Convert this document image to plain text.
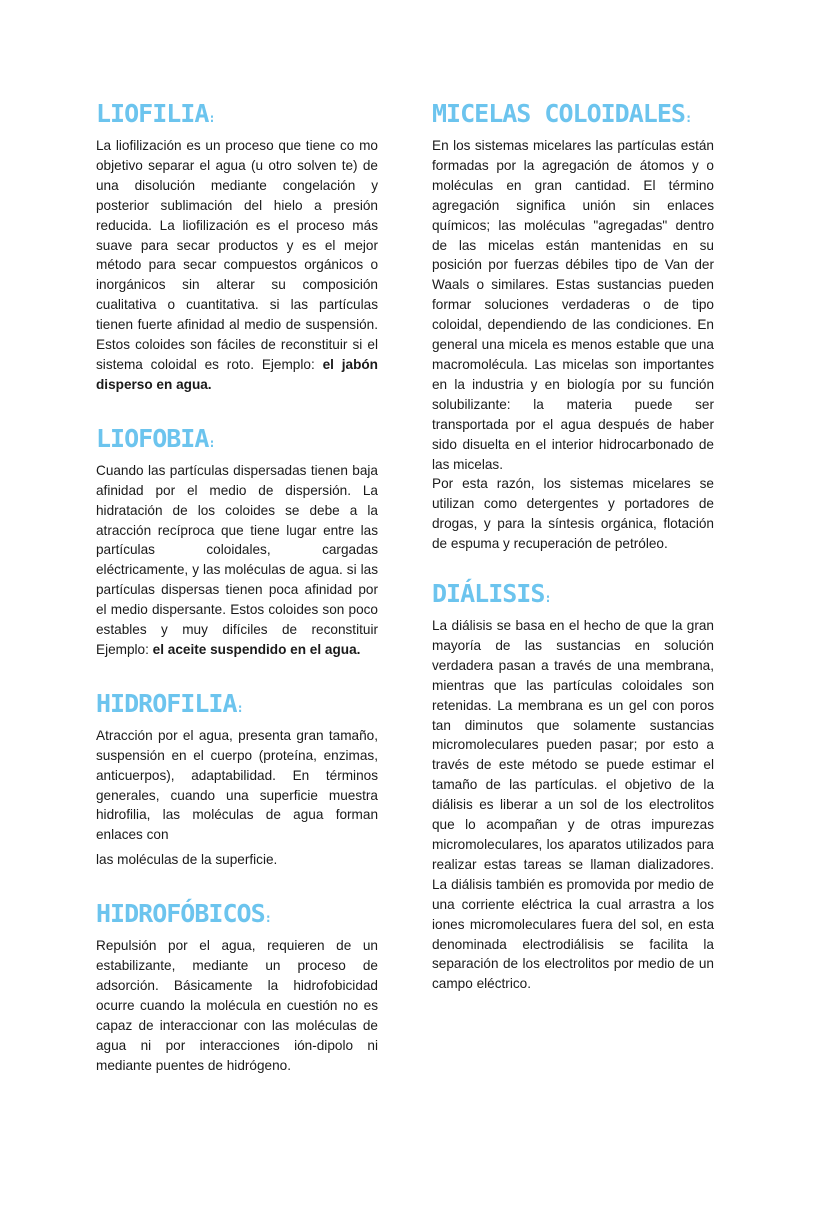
LIOFILIA:

La liofilización es un proceso que tiene co mo objetivo separar el agua (u otro solven te) de una disolución mediante congelación y posterior sublimación del hielo a presión reducida. La liofilización es el proceso más suave para secar productos y es el mejor método para secar compuestos orgánicos o inorgánicos sin alterar su composición cualitativa o cuantitativa. si las partículas tienen fuerte afinidad al medio de suspensión. Estos coloides son fáciles de reconstituir si el sistema coloidal es roto. Ejemplo: el jabón disperso en agua.

LIOFOBIA:

Cuando las partículas dispersadas tienen baja afinidad por el medio de dispersión. La hidratación de los coloides se debe a la atracción recíproca que tiene lugar entre las partículas coloidales, cargadas eléctricamente, y las moléculas de agua. si las partículas dispersas tienen poca afinidad por el medio dispersante. Estos coloides son poco estables y muy difíciles de reconstituir Ejemplo: el aceite suspendido en el agua.

HIDROFILIA:

Atracción por el agua, presenta gran tamaño, suspensión en el cuerpo (proteína, enzimas, anticuerpos), adaptabilidad. En términos generales, cuando una superficie muestra hidrofilia, las moléculas de agua forman enlaces con

las moléculas de la superficie.

HIDROFÓBICOS:

Repulsión por el agua, requieren de un estabilizante, mediante un proceso de adsorción. Básicamente la hidrofobicidad ocurre cuando la molécula en cuestión no es capaz de interaccionar con las moléculas de agua ni por interacciones ión-dipolo ni mediante puentes de hidrógeno.

MICELAS COLOIDALES:

En los sistemas micelares las partículas están formadas por la agregación de átomos y o moléculas en gran cantidad. El término agregación significa unión sin enlaces químicos; las moléculas "agregadas" dentro de las micelas están mantenidas en su posición por fuerzas débiles tipo de Van der Waals o similares. Estas sustancias pueden formar soluciones verdaderas o de tipo coloidal, dependiendo de las condiciones. En general una micela es menos estable que una macromolécula. Las micelas son importantes en la industria y en biología por su función solubilizante: la materia puede ser transportada por el agua después de haber sido disuelta en el interior hidrocarbonado de las micelas.

Por esta razón, los sistemas micelares se utilizan como detergentes y portadores de drogas, y para la síntesis orgánica, flotación de espuma y recuperación de petróleo.

DIÁLISIS:

La diálisis se basa en el hecho de que la gran mayoría de las sustancias en solución verdadera pasan a través de una membrana, mientras que las partículas coloidales son retenidas. La membrana es un gel con poros tan diminutos que solamente sustancias micromoleculares pueden pasar; por esto a través de este método se puede estimar el tamaño de las partículas. el objetivo de la diálisis es liberar a un sol de los electrolitos que lo acompañan y de otras impurezas micromoleculares, los aparatos utilizados para realizar estas tareas se llaman dializadores. La diálisis también es promovida por medio de una corriente eléctrica la cual arrastra a los iones micromoleculares fuera del sol, en esta denominada electrodiálisis se facilita la separación de los electrolitos por medio de un campo eléctrico.
